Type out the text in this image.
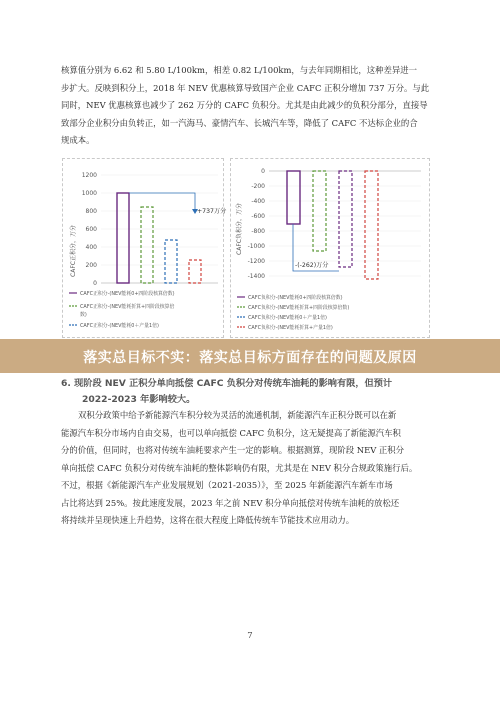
核算值分别为 6.62 和 5.80 L/100km，相差 0.82 L/100km，与去年同期相比，这种差异进一
步扩大。反映到积分上，2018 年 NEV 优惠核算导致国产企业 CAFC 正积分增加 737 万分。与此
同时，NEV 优惠核算也减少了 262 万分的 CAFC 负积分。尤其是由此减少的负积分部分，直接导
致部分企业积分由负转正，如一汽海马、豪情汽车、长城汽车等，降低了 CAFC 不达标企业的合
规成本。
CAFC正积分，万分
1200
1000
800
600
400
200
0
+737万分
CAFC正积分-(NEV能耗0+四阶段核算倍数)
CAFC正积分-(NEV能耗折算+四阶段核算倍
数)
CAFC正积分-(NEV能耗0＋产量1倍)
CAFC负积分，万分
0
-200
-400
-600
-800
-1000
-1200
-1400
-(-262)万分
CAFC负积分-(NEV能耗0+四阶段核算倍数)
CAFC负积分-(NEV能耗折算+四阶段核算倍数)
CAFC负积分-(NEV能耗0＋产量1倍)
CAFC负积分-(NEV能耗折算+产量1倍)
落实总目标不实：落实总目标方面存在的问题及原因
6. 现阶段 NEV 正积分单向抵偿 CAFC 负积分对传统车油耗的影响有限，但预计
2022-2023 年影响较大。
双积分政策中给予新能源汽车积分较为灵活的流通机制，新能源汽车正积分既可以在新
能源汽车积分市场内自由交易，也可以单向抵偿 CAFC 负积分，这无疑提高了新能源汽车积
分的价值，但同时，也将对传统车油耗要求产生一定的影响。根据测算，现阶段 NEV 正积分
单向抵偿 CAFC 负积分对传统车油耗的整体影响仍有限，尤其是在 NEV 积分合规政策施行后。
不过，根据《新能源汽车产业发展规划（2021-2035）》，至 2025 年新能源汽车新车市场
占比将达到 25%。按此速度发展，2023 年之前 NEV 积分单向抵偿对传统车油耗的放松还
将持续并呈现快速上升趋势，这将在很大程度上降低传统车节能技术应用动力。
7
